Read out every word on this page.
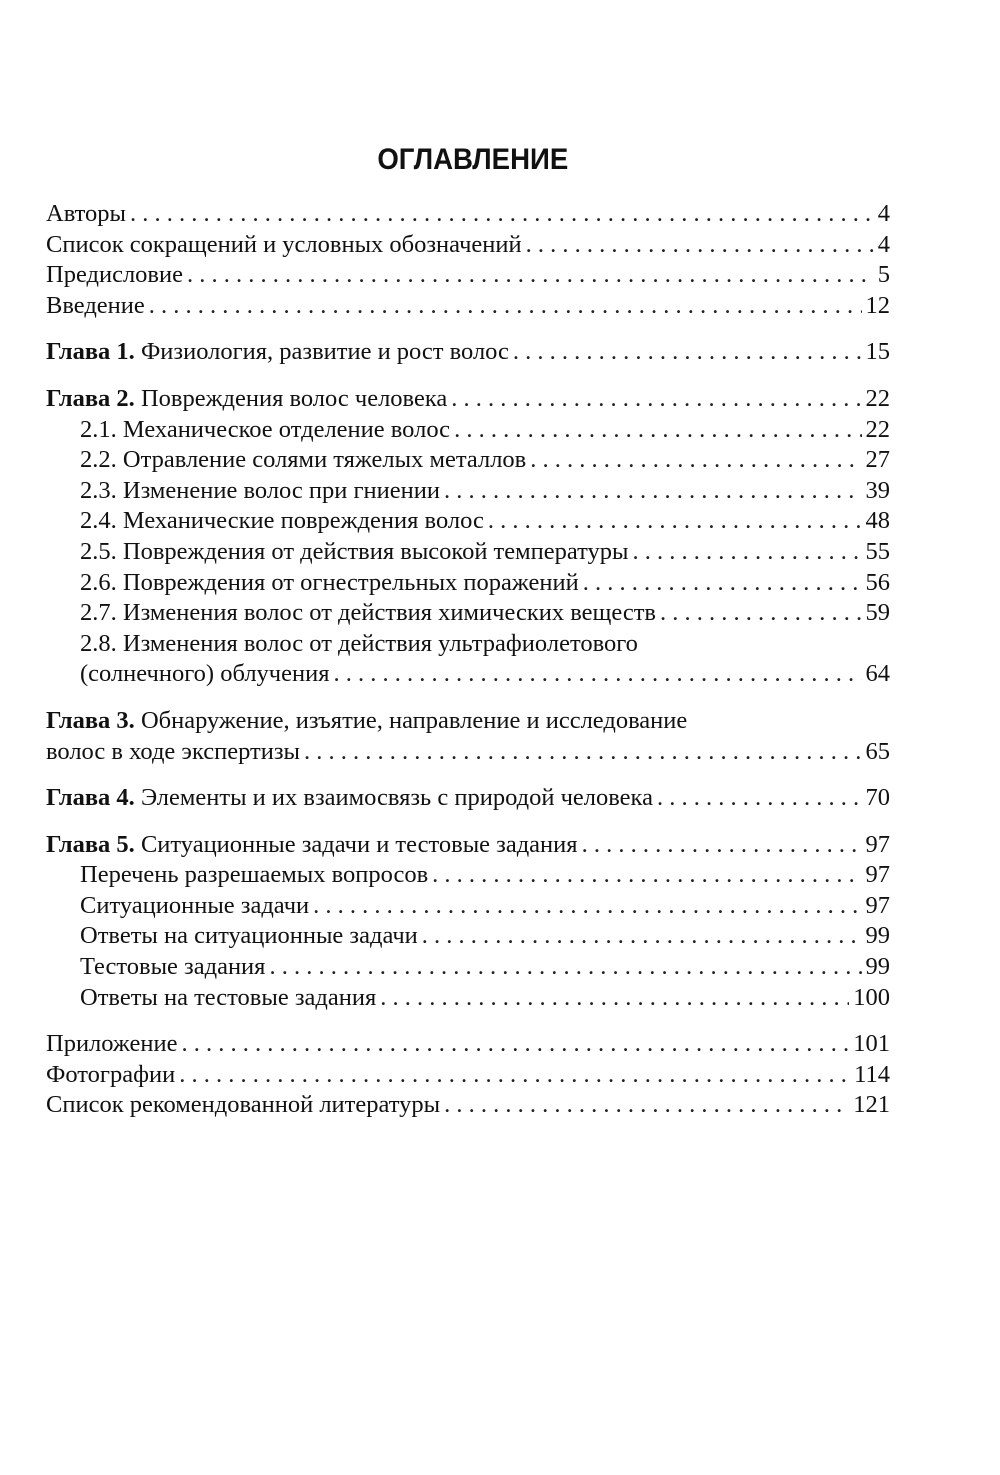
ОГЛАВЛЕНИЕ
Авторы . . .	4
Список сокращений и условных обозначений . . .	4
Предисловие . . .	5
Введение . . .	12
Глава 1. Физиология, развитие и рост волос . . .	15
Глава 2. Повреждения волос человека . . .	22
2.1. Механическое отделение волос . . .	22
2.2. Отравление солями тяжелых металлов . . .	27
2.3. Изменение волос при гниении . . .	39
2.4. Механические повреждения волос . . .	48
2.5. Повреждения от действия высокой температуры . . .	55
2.6. Повреждения от огнестрельных поражений . . .	56
2.7. Изменения волос от действия химических веществ . . .	59
2.8. Изменения волос от действия ультрафиолетового
(солнечного) облучения . . .	64
Глава 3. Обнаружение, изъятие, направление и исследование
волос в ходе экспертизы . . .	65
Глава 4. Элементы и их взаимосвязь с природой человека . . .	70
Глава 5. Ситуационные задачи и тестовые задания . . .	97
Перечень разрешаемых вопросов . . .	97
Ситуационные задачи . . .	97
Ответы на ситуационные задачи . . .	99
Тестовые задания . . .	99
Ответы на тестовые задания . . .	100
Приложение . . .	101
Фотографии . . .	114
Список рекомендованной литературы . . .	121
